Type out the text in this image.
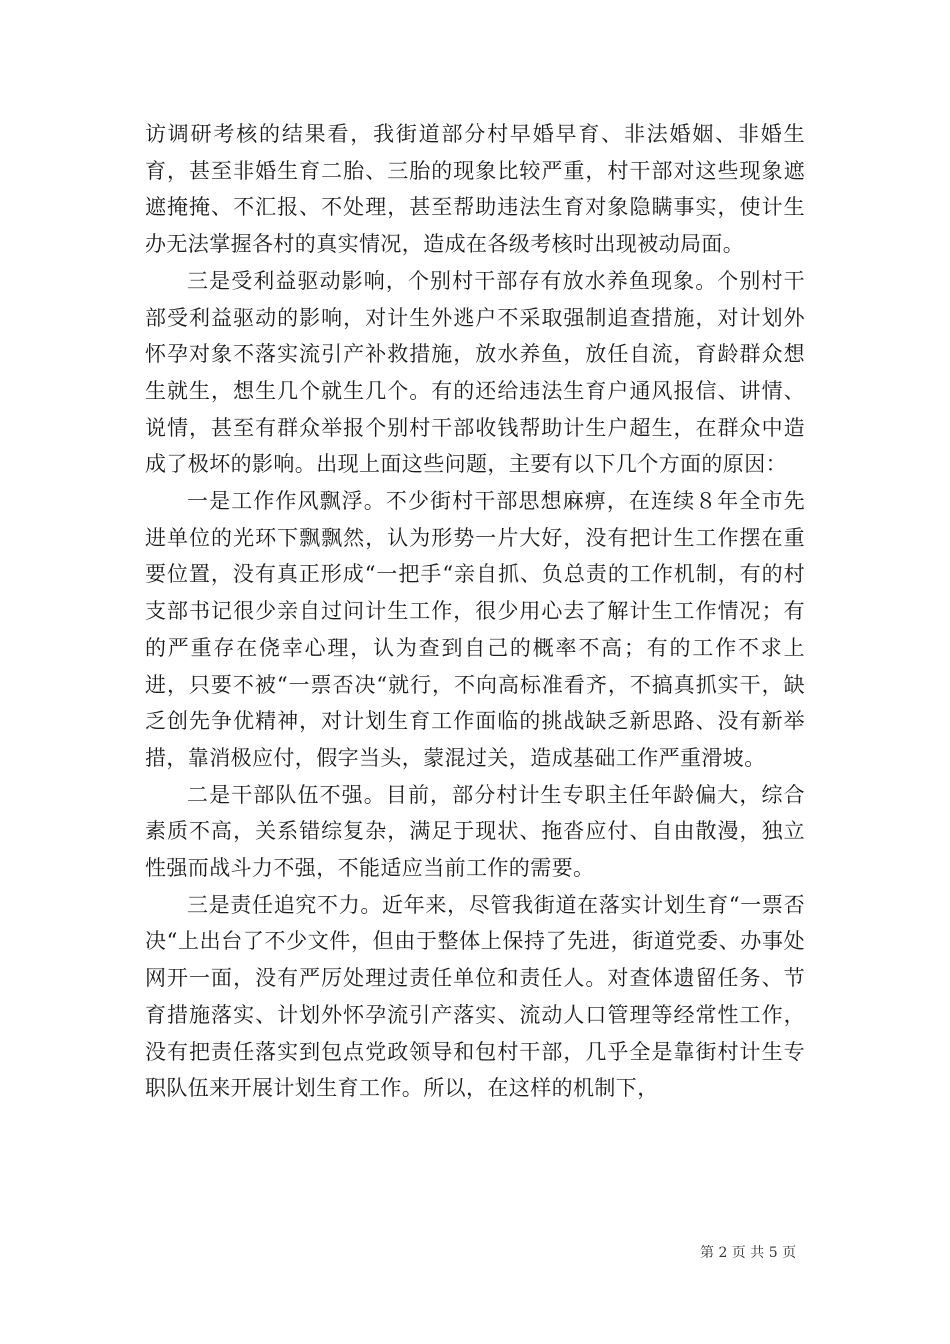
访调研考核的结果看，我街道部分村早婚早育、非法婚姻、非婚生育，甚至非婚生育二胎、三胎的现象比较严重，村干部对这些现象遮遮掩掩、不汇报、不处理，甚至帮助违法生育对象隐瞒事实，使计生办无法掌握各村的真实情况，造成在各级考核时出现被动局面。

三是受利益驱动影响，个别村干部存有放水养鱼现象。个别村干部受利益驱动的影响，对计生外逃户不采取强制追查措施，对计划外怀孕对象不落实流引产补救措施，放水养鱼，放任自流，育龄群众想生就生，想生几个就生几个。有的还给违法生育户通风报信、讲情、说情，甚至有群众举报个别村干部收钱帮助计生户超生，在群众中造成了极坏的影响。出现上面这些问题，主要有以下几个方面的原因：

一是工作作风飘浮。不少街村干部思想麻痹，在连续８年全市先进单位的光环下飘飘然，认为形势一片大好，没有把计生工作摆在重要位置，没有真正形成“一把手“亲自抓、负总责的工作机制，有的村支部书记很少亲自过问计生工作，很少用心去了解计生工作情况；有的严重存在侥幸心理，认为查到自己的概率不高；有的工作不求上进，只要不被“一票否决“就行，不向高标准看齐，不搞真抓实干，缺乏创先争优精神，对计划生育工作面临的挑战缺乏新思路、没有新举措，靠消极应付，假字当头，蒙混过关，造成基础工作严重滑坡。

二是干部队伍不强。目前，部分村计生专职主任年龄偏大，综合素质不高，关系错综复杂，满足于现状、拖沓应付、自由散漫，独立性强而战斗力不强，不能适应当前工作的需要。

三是责任追究不力。近年来，尽管我街道在落实计划生育“一票否决“上出台了不少文件，但由于整体上保持了先进，街道党委、办事处网开一面，没有严厉处理过责任单位和责任人。对查体遗留任务、节育措施落实、计划外怀孕流引产落实、流动人口管理等经常性工作，没有把责任落实到包点党政领导和包村干部，几乎全是靠街村计生专职队伍来开展计划生育工作。所以，在这样的机制下，

第 2 页 共 5 页
